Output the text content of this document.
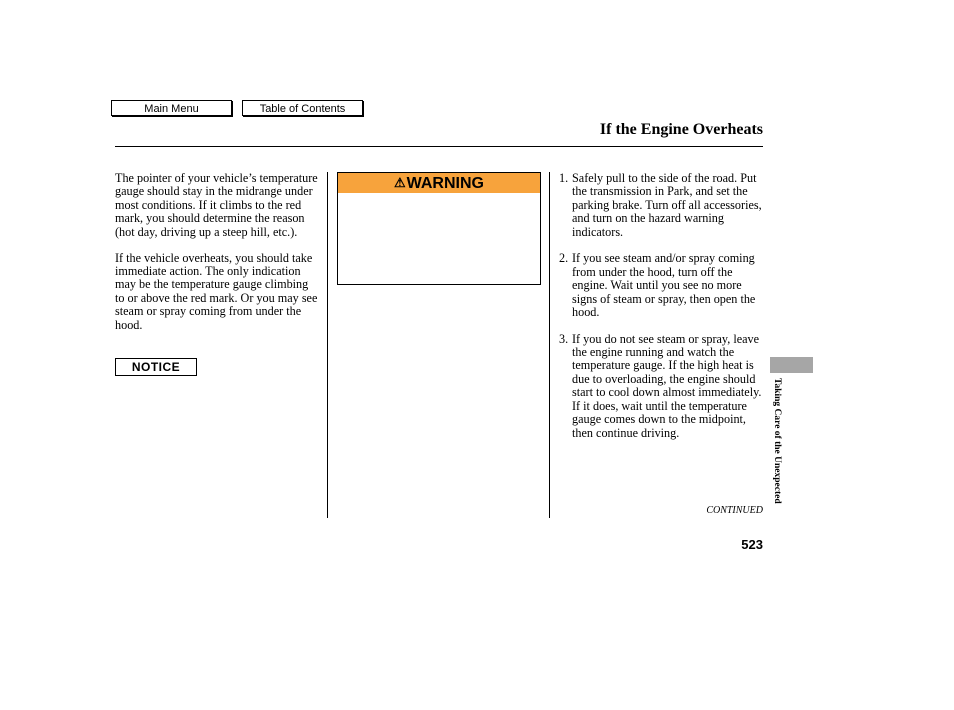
Main Menu	Table of Contents
If the Engine Overheats

The pointer of your vehicle’s temperature gauge should stay in the midrange under most conditions. If it climbs to the red mark, you should determine the reason (hot day, driving up a steep hill, etc.).

If the vehicle overheats, you should take immediate action. The only indication may be the temperature gauge climbing to or above the red mark. Or you may see steam or spray coming from under the hood.

NOTICE
⚠WARNING	1. Safely pull to the side of the road. Put the transmission in Park, and set the parking brake. Turn off all accessories, and turn on the hazard warning indicators.
2. If you see steam and/or spray coming from under the hood, turn off the engine. Wait until you see no more signs of steam or spray, then open the hood.
3. If you do not see steam or spray, leave the engine running and watch the temperature gauge. If the high heat is due to overloading, the engine should start to cool down almost immediately. If it does, wait until the temperature gauge comes down to the midpoint, then continue driving.
CONTINUED
523
Taking Care of the Unexpected
